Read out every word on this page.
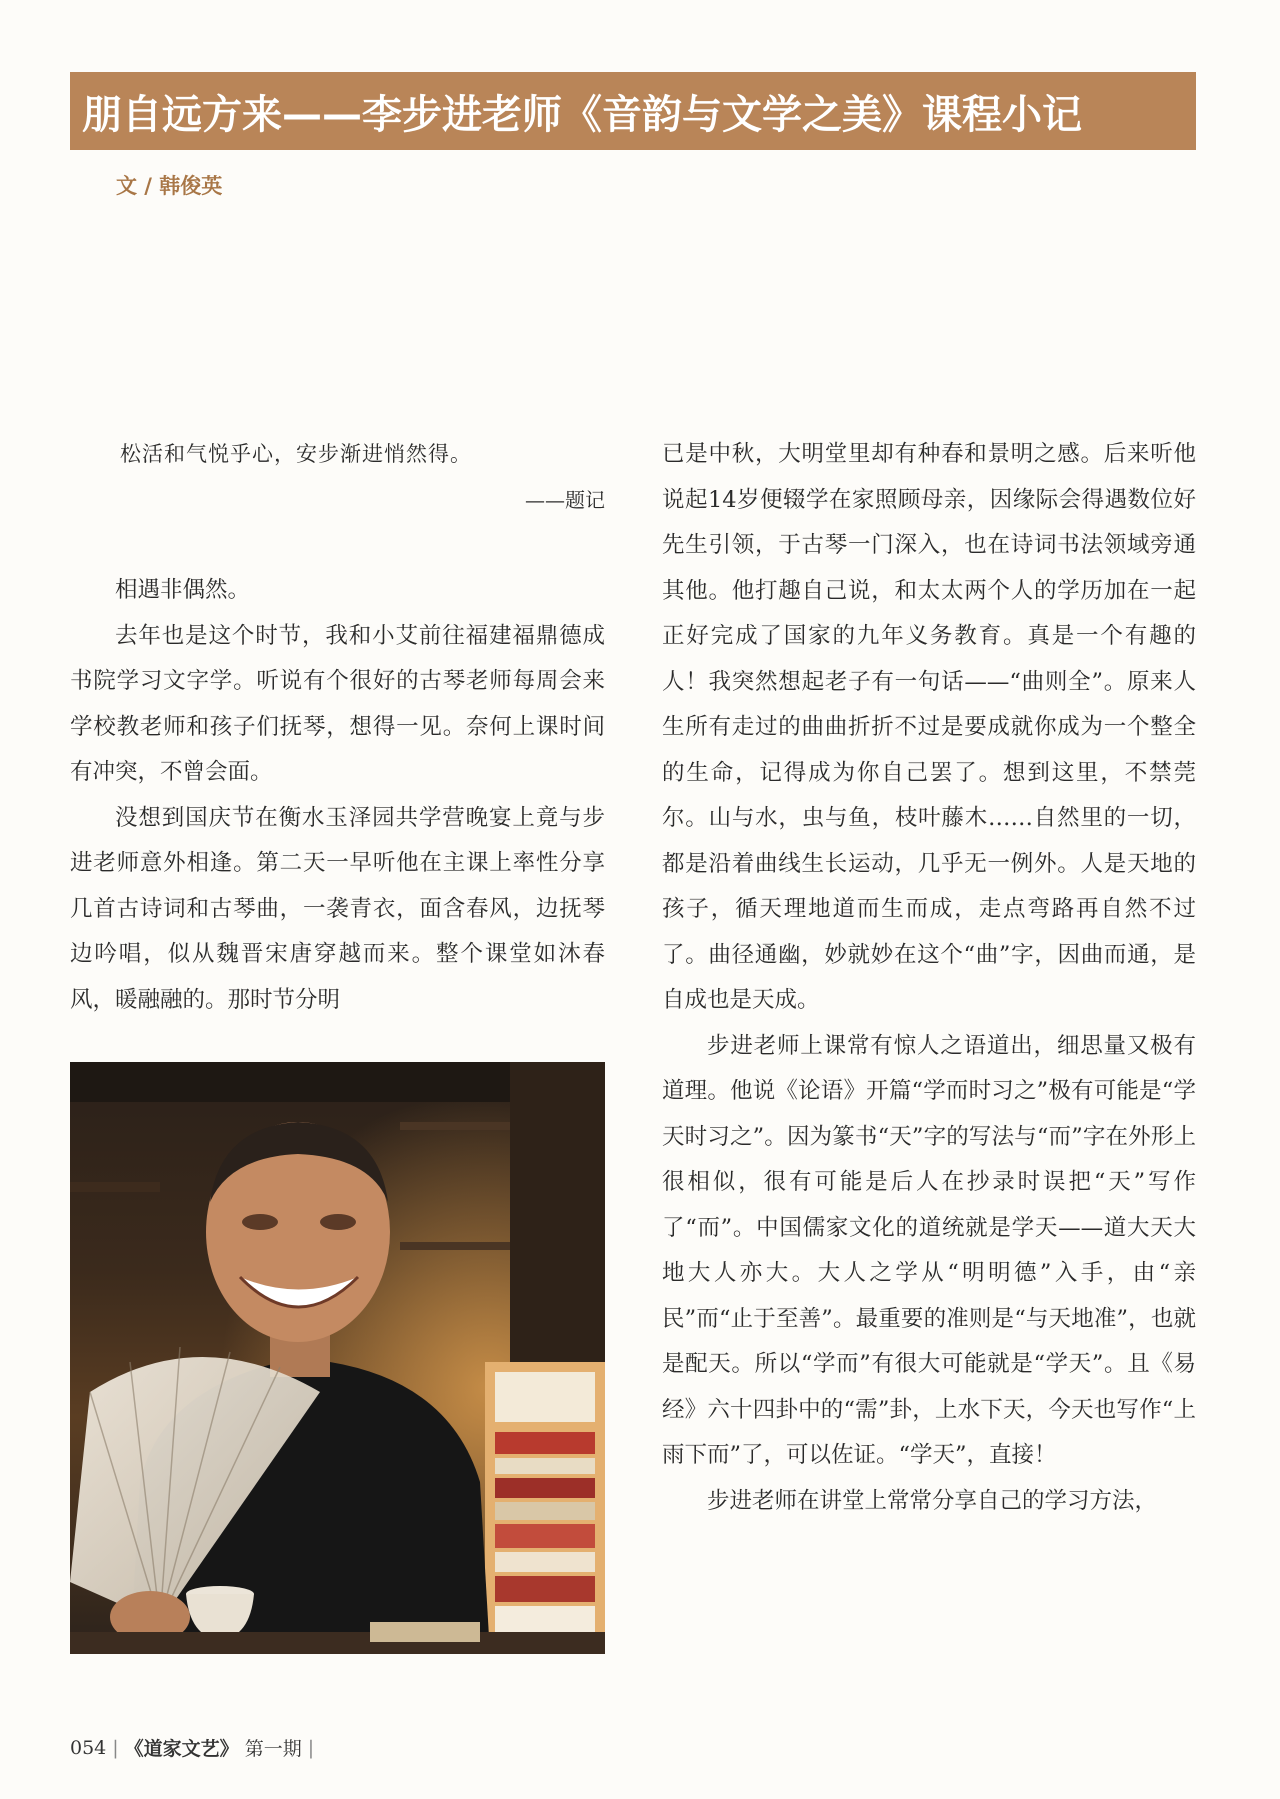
朋自远方来——李步进老师《音韵与文学之美》课程小记
文 / 韩俊英

松活和气悦乎心，安步渐进悄然得。

——题记

相遇非偶然。

去年也是这个时节，我和小艾前往福建福鼎德成书院学习文字学。听说有个很好的古琴老师每周会来学校教老师和孩子们抚琴，想得一见。奈何上课时间有冲突，不曾会面。

没想到国庆节在衡水玉泽园共学营晚宴上竟与步进老师意外相逢。第二天一早听他在主课上率性分享几首古诗词和古琴曲，一袭青衣，面含春风，边抚琴边吟唱，似从魏晋宋唐穿越而来。整个课堂如沐春风，暖融融的。那时节分明

已是中秋，大明堂里却有种春和景明之感。后来听他说起14岁便辍学在家照顾母亲，因缘际会得遇数位好先生引领，于古琴一门深入，也在诗词书法领域旁通其他。他打趣自己说，和太太两个人的学历加在一起正好完成了国家的九年义务教育。真是一个有趣的人！我突然想起老子有一句话——“曲则全”。原来人生所有走过的曲曲折折不过是要成就你成为一个整全的生命，记得成为你自己罢了。想到这里，不禁莞尔。山与水，虫与鱼，枝叶藤木……自然里的一切，都是沿着曲线生长运动，几乎无一例外。人是天地的孩子，循天理地道而生而成，走点弯路再自然不过了。曲径通幽，妙就妙在这个“曲”字，因曲而通，是自成也是天成。

步进老师上课常有惊人之语道出，细思量又极有道理。他说《论语》开篇“学而时习之”极有可能是“学天时习之”。因为篆书“天”字的写法与“而”字在外形上很相似，很有可能是后人在抄录时误把“天”写作了“而”。中国儒家文化的道统就是学天——道大天大地大人亦大。大人之学从“明明德”入手，由“亲民”而“止于至善”。最重要的准则是“与天地准”，也就是配天。所以“学而”有很大可能就是“学天”。且《易经》六十四卦中的“需”卦，上水下天，今天也写作“上雨下而”了，可以佐证。“学天”，直接！

步进老师在讲堂上常常分享自己的学习方法，

054 | 《道家文艺》 第一期 |
